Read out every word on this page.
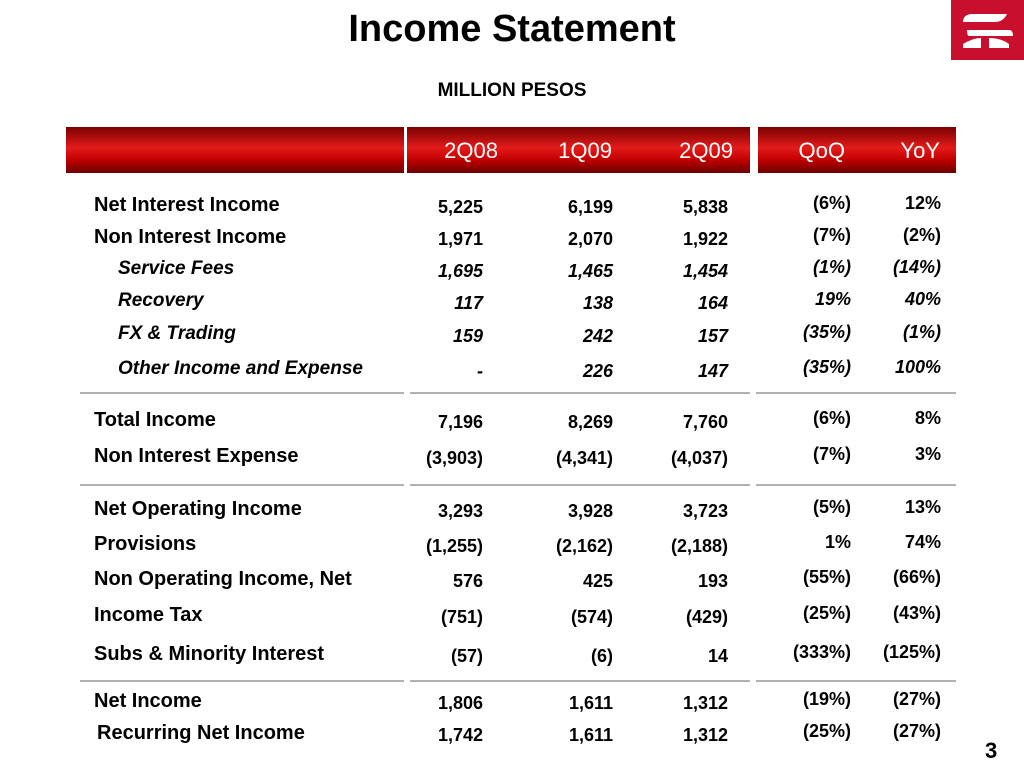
Income Statement
MILLION PESOS
2Q08	1Q09	2Q09	QoQ	YoY
Net Interest Income	5,225	6,199	5,838	(6%)	12%
Non Interest Income	1,971	2,070	1,922	(7%)	(2%)
Service Fees	1,695	1,465	1,454	(1%)	(14%)
Recovery	117	138	164	19%	40%
FX & Trading	159	242	157	(35%)	(1%)
Other Income and Expense	-	226	147	(35%)	100%
Total Income	7,196	8,269	7,760	(6%)	8%
Non Interest Expense	(3,903)	(4,341)	(4,037)	(7%)	3%
Net Operating Income	3,293	3,928	3,723	(5%)	13%
Provisions	(1,255)	(2,162)	(2,188)	1%	74%
Non Operating Income, Net	576	425	193	(55%)	(66%)
Income Tax	(751)	(574)	(429)	(25%)	(43%)
Subs & Minority Interest	(57)	(6)	14	(333%)	(125%)
Net Income	1,806	1,611	1,312	(19%)	(27%)
Recurring Net Income	1,742	1,611	1,312	(25%)	(27%)
3
